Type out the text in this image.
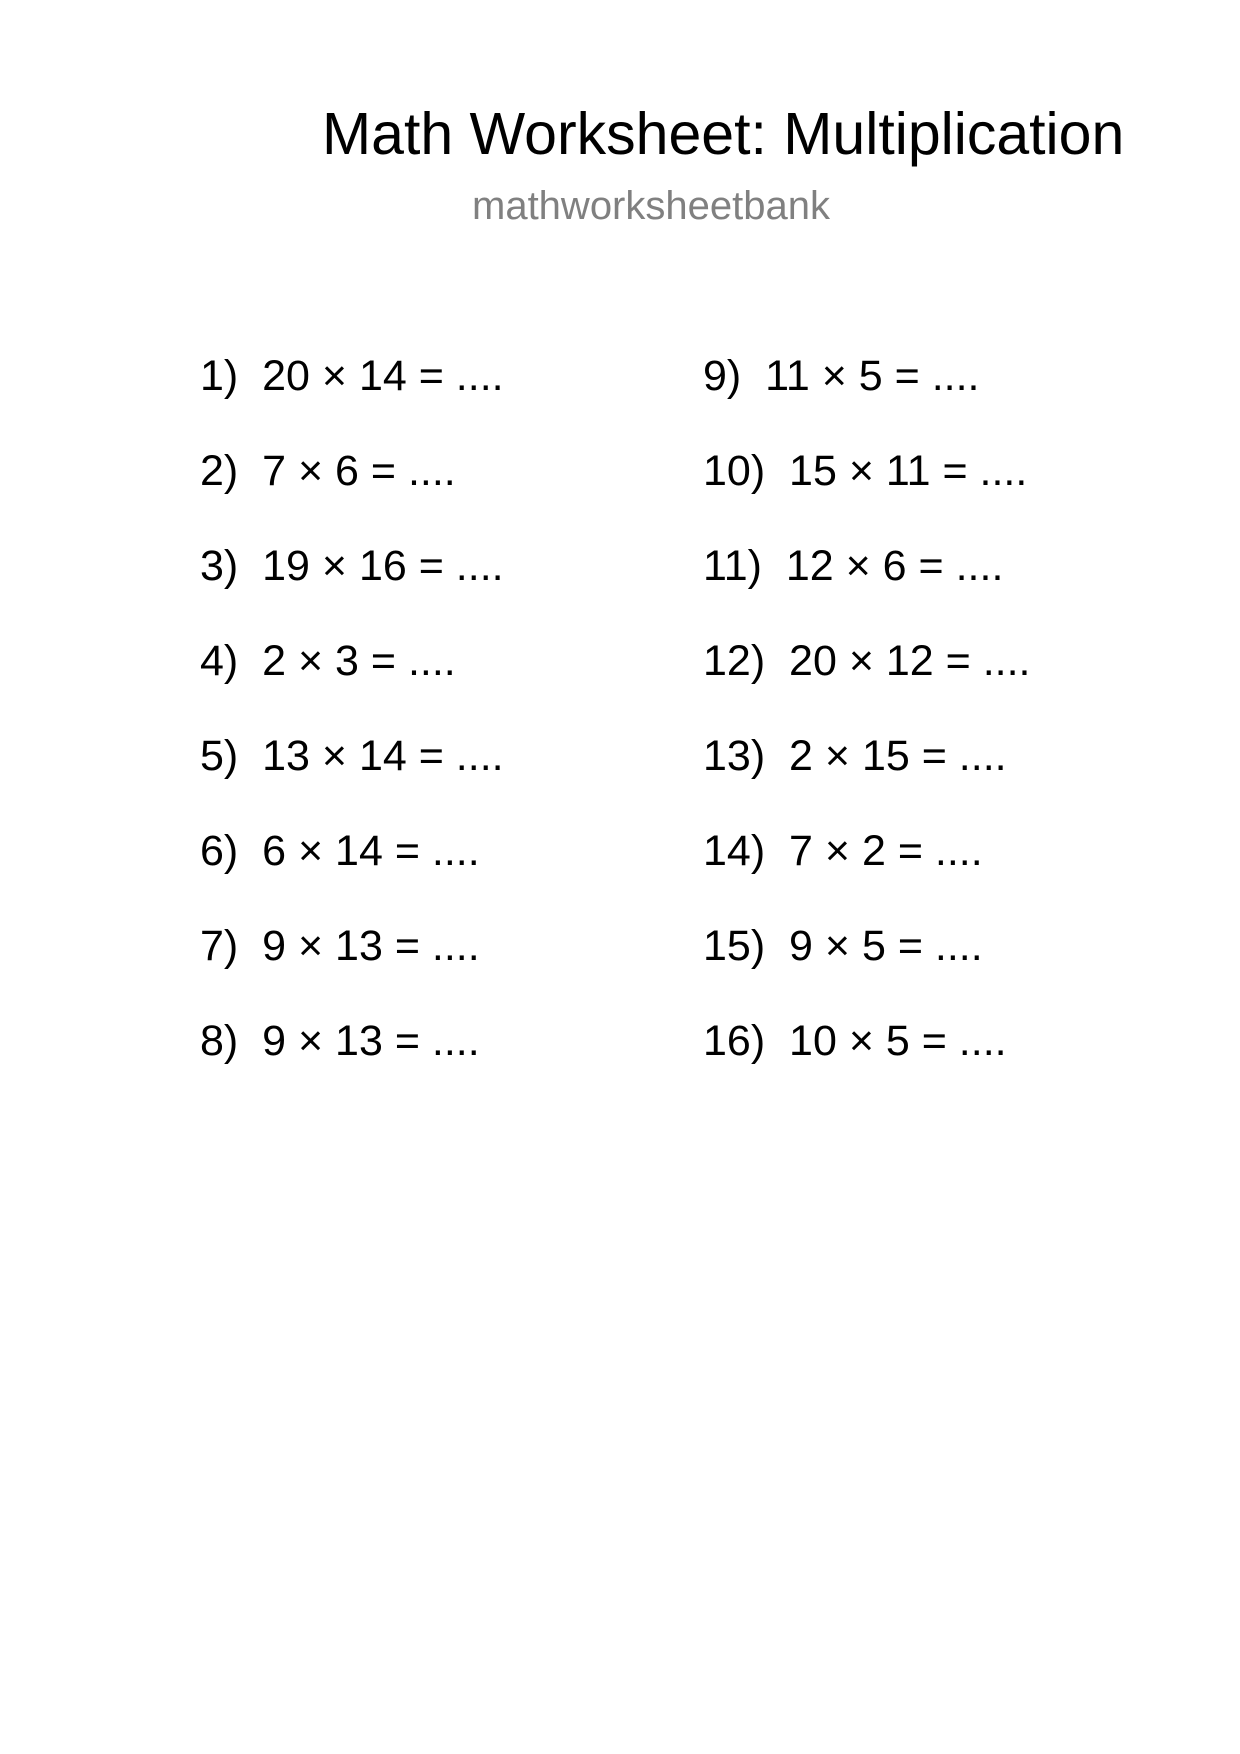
Math Worksheet: Multiplication
mathworksheetbank
1)  20 × 14 = ....
2)  7 × 6 = ....
3)  19 × 16 = ....
4)  2 × 3 = ....
5)  13 × 14 = ....
6)  6 × 14 = ....
7)  9 × 13 = ....
8)  9 × 13 = ....
9)  11 × 5 = ....
10)  15 × 11 = ....
11)  12 × 6 = ....
12)  20 × 12 = ....
13)  2 × 15 = ....
14)  7 × 2 = ....
15)  9 × 5 = ....
16)  10 × 5 = ....
